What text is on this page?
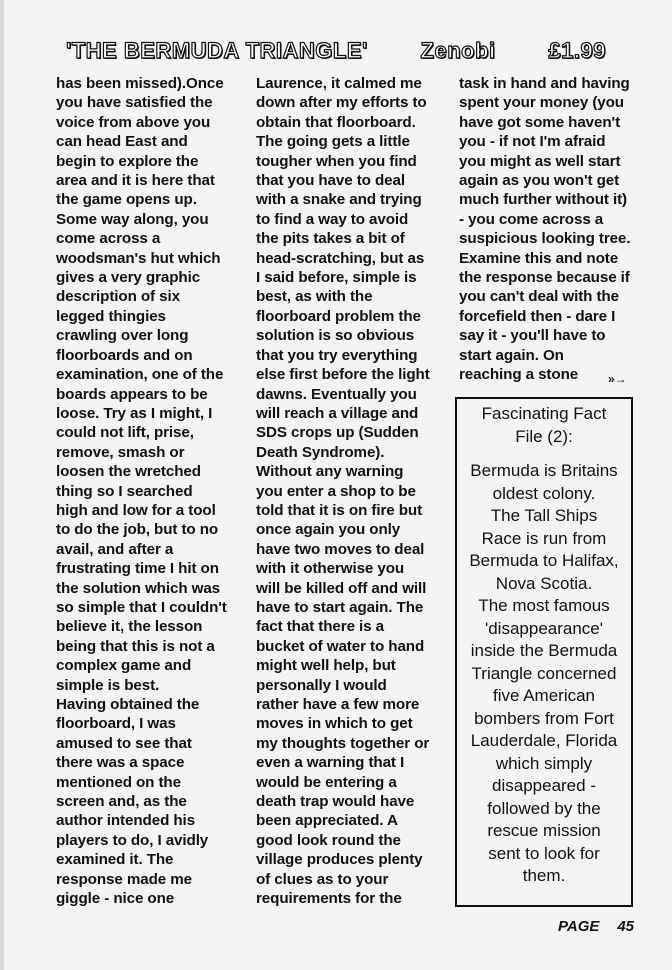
'THE BERMUDA TRIANGLE' Zenobi £1.99

has been missed).Once
you have satisfied the
voice from above you
can head East and
begin to explore the
area and it is here that
the game opens up.
Some way along, you
come across a
woodsman's hut which
gives a very graphic
description of six
legged thingies
crawling over long
floorboards and on
examination, one of the
boards appears to be
loose. Try as I might, I
could not lift, prise,
remove, smash or
loosen the wretched
thing so I searched
high and low for a tool
to do the job, but to no
avail, and after a
frustrating time I hit on
the solution which was
so simple that I couldn't
believe it, the lesson
being that this is not a
complex game and
simple is best.
Having obtained the
floorboard, I was
amused to see that
there was a space
mentioned on the
screen and, as the
author intended his
players to do, I avidly
examined it. The
response made me
giggle - nice one

Laurence, it calmed me
down after my efforts to
obtain that floorboard.
The going gets a little
tougher when you find
that you have to deal
with a snake and trying
to find a way to avoid
the pits takes a bit of
head-scratching, but as
I said before, simple is
best, as with the
floorboard problem the
solution is so obvious
that you try everything
else first before the light
dawns. Eventually you
will reach a village and
SDS crops up (Sudden
Death Syndrome).
Without any warning
you enter a shop to be
told that it is on fire but
once again you only
have two moves to deal
with it otherwise you
will be killed off and will
have to start again. The
fact that there is a
bucket of water to hand
might well help, but
personally I would
rather have a few more
moves in which to get
my thoughts together or
even a warning that I
would be entering a
death trap would have
been appreciated. A
good look round the
village produces plenty
of clues as to your
requirements for the

task in hand and having
spent your money (you
have got some haven't
you - if not I'm afraid
you might as well start
again as you won't get
much further without it)
- you come across a
suspicious looking tree.
Examine this and note
the response because if
you can't deal with the
forcefield then - dare I
say it - you'll have to
start again. On
reaching a stone	»→

Fascinating Fact
File (2):

Bermuda is Britains
oldest colony.
The Tall Ships
Race is run from
Bermuda to Halifax,
Nova Scotia.
The most famous
'disappearance'
inside the Bermuda
Triangle concerned
five American
bombers from Fort
Lauderdale, Florida
which simply
disappeared -
followed by the
rescue mission
sent to look for
them.

PAGE 45
